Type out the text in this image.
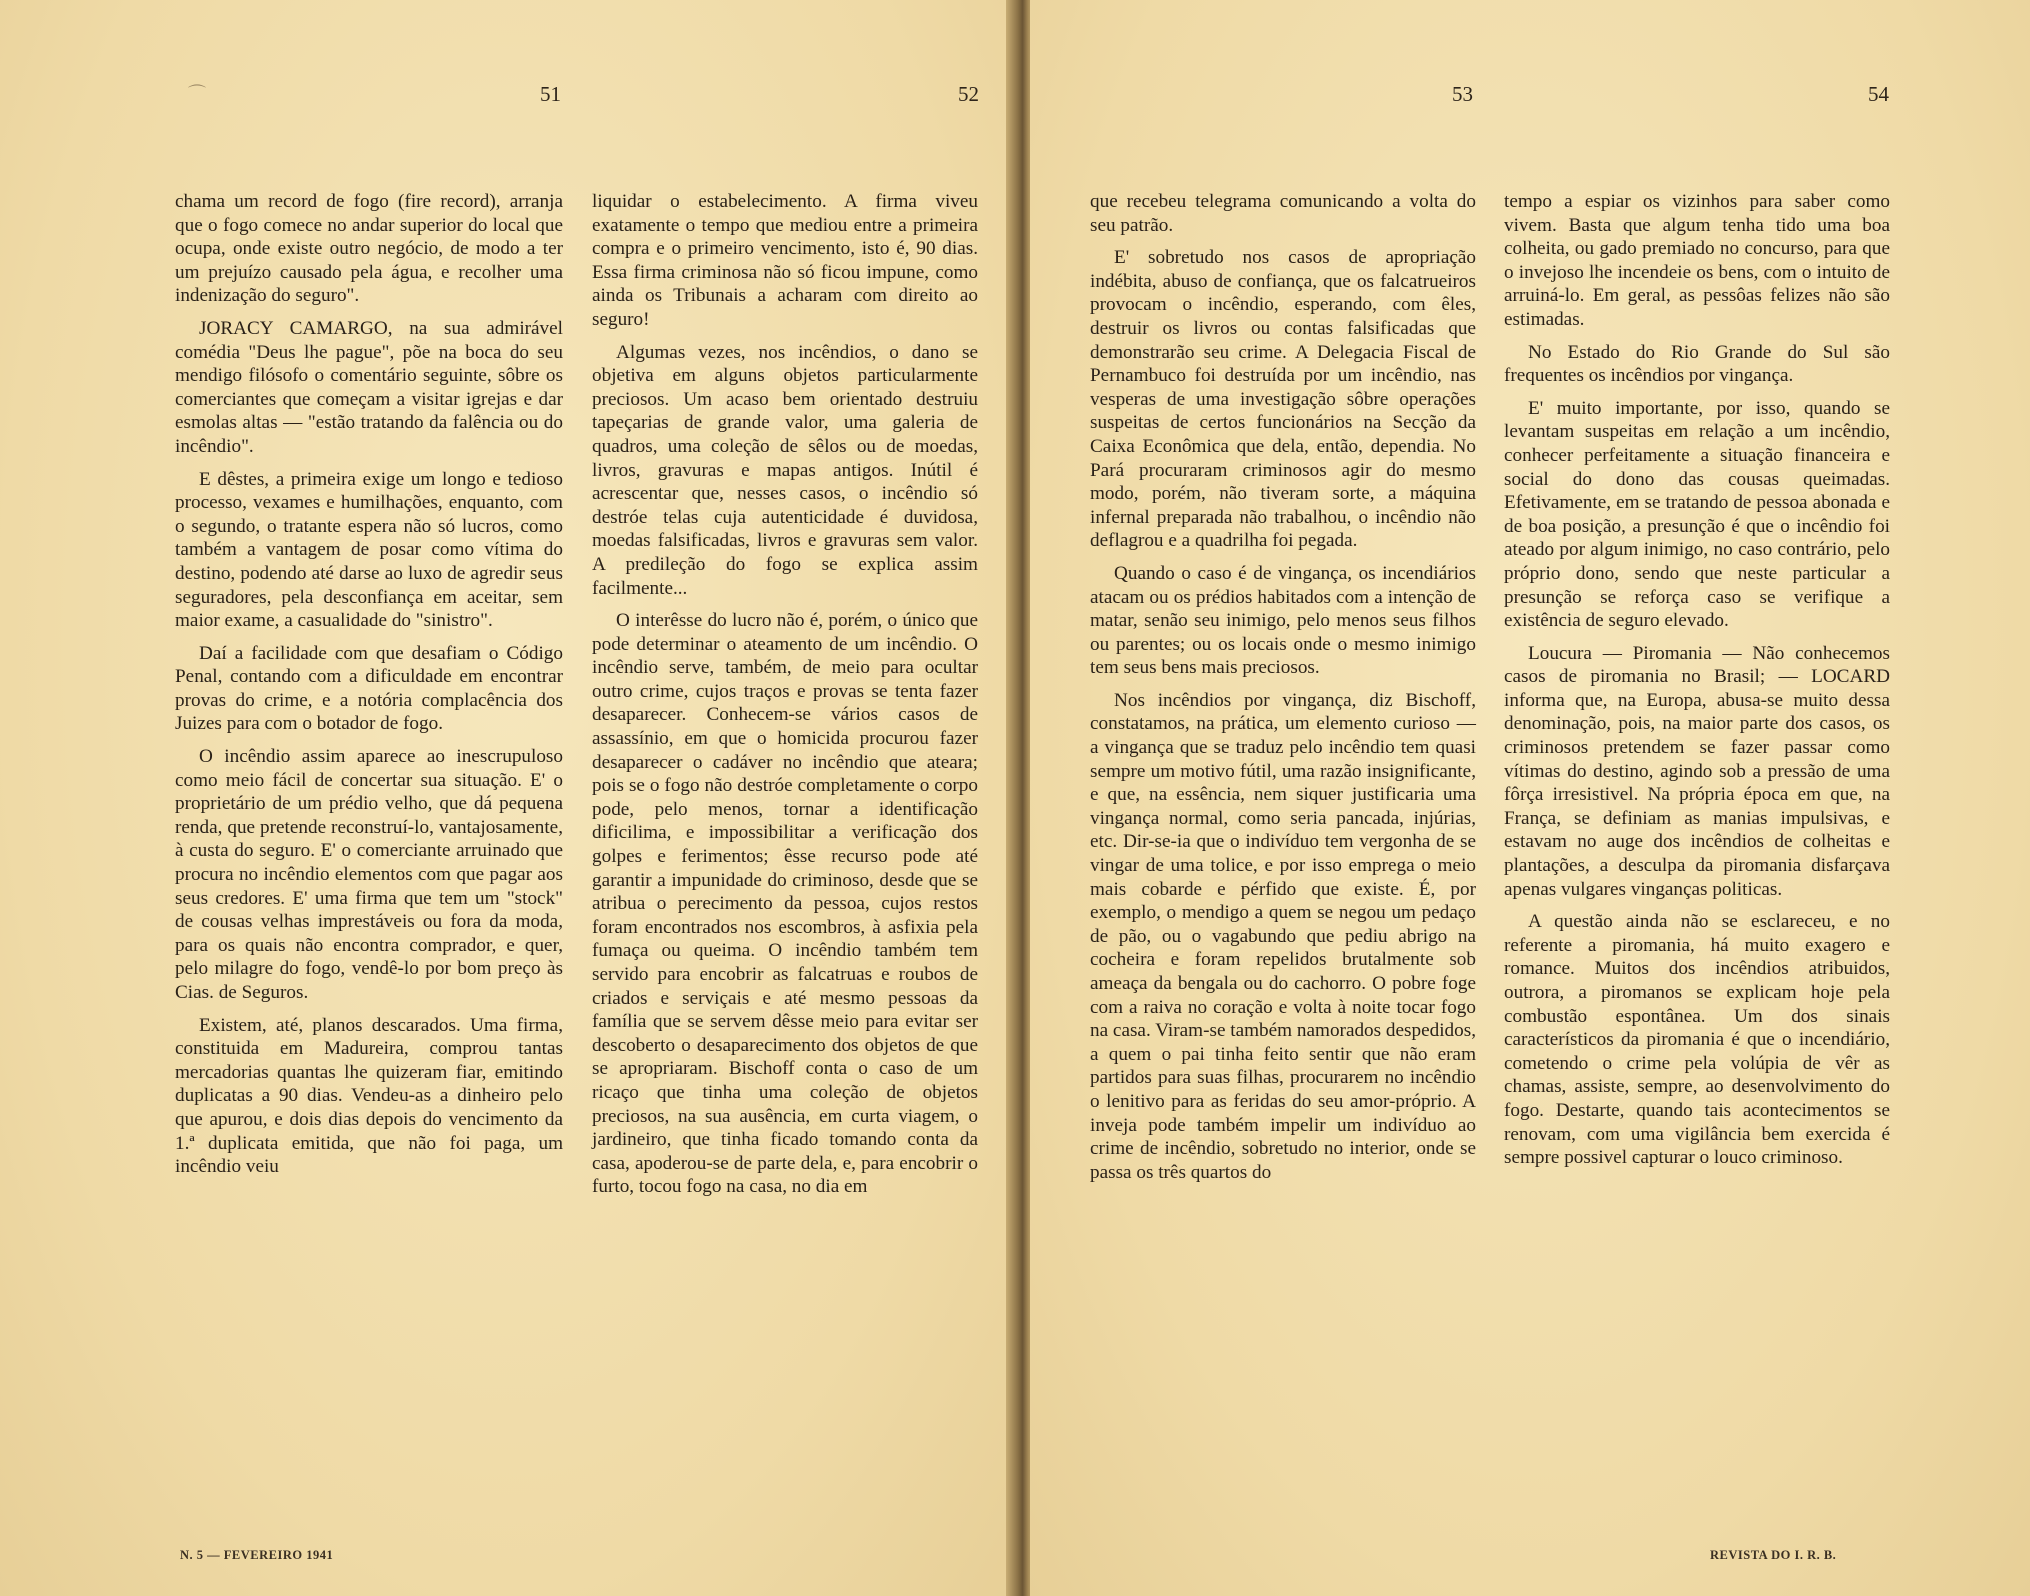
⌒	51	52

chama um record de fogo (fire record), arranja que o fogo comece no andar superior do local que ocupa, onde existe outro negócio, de modo a ter um prejuízo causado pela água, e recolher uma indenização do seguro".

JORACY CAMARGO, na sua admirável comédia "Deus lhe pague", põe na boca do seu mendigo filósofo o comentário seguinte, sôbre os comerciantes que começam a visitar igrejas e dar esmolas altas — "estão tratando da falência ou do incêndio".

E dêstes, a primeira exige um longo e tedioso processo, vexames e humilhações, enquanto, com o segundo, o tratante espera não só lucros, como também a vantagem de posar como vítima do destino, podendo até darse ao luxo de agredir seus seguradores, pela desconfiança em aceitar, sem maior exame, a casualidade do "sinistro".

Daí a facilidade com que desafiam o Código Penal, contando com a dificuldade em encontrar provas do crime, e a notória complacência dos Juizes para com o botador de fogo.

O incêndio assim aparece ao inescrupuloso como meio fácil de concertar sua situação. E' o proprietário de um prédio velho, que dá pequena renda, que pretende reconstruí-lo, vantajosamente, à custa do seguro. E' o comerciante arruinado que procura no incêndio elementos com que pagar aos seus credores. E' uma firma que tem um "stock" de cousas velhas imprestáveis ou fora da moda, para os quais não encontra comprador, e quer, pelo milagre do fogo, vendê-lo por bom preço às Cias. de Seguros.

Existem, até, planos descarados. Uma firma, constituida em Madureira, comprou tantas mercadorias quantas lhe quizeram fiar, emitindo duplicatas a 90 dias. Vendeu-as a dinheiro pelo que apurou, e dois dias depois do vencimento da 1.ª duplicata emitida, que não foi paga, um incêndio veiu

liquidar o estabelecimento. A firma viveu exatamente o tempo que mediou entre a primeira compra e o primeiro vencimento, isto é, 90 dias. Essa firma criminosa não só ficou impune, como ainda os Tribunais a acharam com direito ao seguro!

Algumas vezes, nos incêndios, o dano se objetiva em alguns objetos particularmente preciosos. Um acaso bem orientado destruiu tapeçarias de grande valor, uma galeria de quadros, uma coleção de sêlos ou de moedas, livros, gravuras e mapas antigos. Inútil é acrescentar que, nesses casos, o incêndio só destróe telas cuja autenticidade é duvidosa, moedas falsificadas, livros e gravuras sem valor. A predileção do fogo se explica assim facilmente...

O interêsse do lucro não é, porém, o único que pode determinar o ateamento de um incêndio. O incêndio serve, também, de meio para ocultar outro crime, cujos traços e provas se tenta fazer desaparecer. Conhecem-se vários casos de assassínio, em que o homicida procurou fazer desaparecer o cadáver no incêndio que ateara; pois se o fogo não destróe completamente o corpo pode, pelo menos, tornar a identificação dificilima, e impossibilitar a verificação dos golpes e ferimentos; êsse recurso pode até garantir a impunidade do criminoso, desde que se atribua o perecimento da pessoa, cujos restos foram encontrados nos escombros, à asfixia pela fumaça ou queima. O incêndio também tem servido para encobrir as falcatruas e roubos de criados e serviçais e até mesmo pessoas da família que se servem dêsse meio para evitar ser descoberto o desaparecimento dos objetos de que se apropriaram. Bischoff conta o caso de um ricaço que tinha uma coleção de objetos preciosos, na sua ausência, em curta viagem, o jardineiro, que tinha ficado tomando conta da casa, apoderou-se de parte dela, e, para encobrir o furto, tocou fogo na casa, no dia em

N. 5 — FEVEREIRO 1941
53	54

que recebeu telegrama comunicando a volta do seu patrão.

E' sobretudo nos casos de apropriação indébita, abuso de confiança, que os falcatrueiros provocam o incêndio, esperando, com êles, destruir os livros ou contas falsificadas que demonstrarão seu crime. A Delegacia Fiscal de Pernambuco foi destruída por um incêndio, nas vesperas de uma investigação sôbre operações suspeitas de certos funcionários na Secção da Caixa Econômica que dela, então, dependia. No Pará procuraram criminosos agir do mesmo modo, porém, não tiveram sorte, a máquina infernal preparada não trabalhou, o incêndio não deflagrou e a quadrilha foi pegada.

Quando o caso é de vingança, os incendiários atacam ou os prédios habitados com a intenção de matar, senão seu inimigo, pelo menos seus filhos ou parentes; ou os locais onde o mesmo inimigo tem seus bens mais preciosos.

Nos incêndios por vingança, diz Bischoff, constatamos, na prática, um elemento curioso — a vingança que se traduz pelo incêndio tem quasi sempre um motivo fútil, uma razão insignificante, e que, na essência, nem siquer justificaria uma vingança normal, como seria pancada, injúrias, etc. Dir-se-ia que o indivíduo tem vergonha de se vingar de uma tolice, e por isso emprega o meio mais cobarde e pérfido que existe. É, por exemplo, o mendigo a quem se negou um pedaço de pão, ou o vagabundo que pediu abrigo na cocheira e foram repelidos brutalmente sob ameaça da bengala ou do cachorro. O pobre foge com a raiva no coração e volta à noite tocar fogo na casa. Viram-se também namorados despedidos, a quem o pai tinha feito sentir que não eram partidos para suas filhas, procurarem no incêndio o lenitivo para as feridas do seu amor-próprio. A inveja pode também impelir um indivíduo ao crime de incêndio, sobretudo no interior, onde se passa os três quartos do

tempo a espiar os vizinhos para saber como vivem. Basta que algum tenha tido uma boa colheita, ou gado premiado no concurso, para que o invejoso lhe incendeie os bens, com o intuito de arruiná-lo. Em geral, as pessôas felizes não são estimadas.

No Estado do Rio Grande do Sul são frequentes os incêndios por vingança.

E' muito importante, por isso, quando se levantam suspeitas em relação a um incêndio, conhecer perfeitamente a situação financeira e social do dono das cousas queimadas. Efetivamente, em se tratando de pessoa abonada e de boa posição, a presunção é que o incêndio foi ateado por algum inimigo, no caso contrário, pelo próprio dono, sendo que neste particular a presunção se reforça caso se verifique a existência de seguro elevado.

Loucura — Piromania — Não conhecemos casos de piromania no Brasil; — LOCARD informa que, na Europa, abusa-se muito dessa denominação, pois, na maior parte dos casos, os criminosos pretendem se fazer passar como vítimas do destino, agindo sob a pressão de uma fôrça irresistivel. Na própria época em que, na França, se definiam as manias impulsivas, e estavam no auge dos incêndios de colheitas e plantações, a desculpa da piromania disfarçava apenas vulgares vinganças politicas.

A questão ainda não se esclareceu, e no referente a piromania, há muito exagero e romance. Muitos dos incêndios atribuidos, outrora, a piromanos se explicam hoje pela combustão espontânea. Um dos sinais característicos da piromania é que o incendiário, cometendo o crime pela volúpia de vêr as chamas, assiste, sempre, ao desenvolvimento do fogo. Destarte, quando tais acontecimentos se renovam, com uma vigilância bem exercida é sempre possivel capturar o louco criminoso.

REVISTA DO I. R. B.
